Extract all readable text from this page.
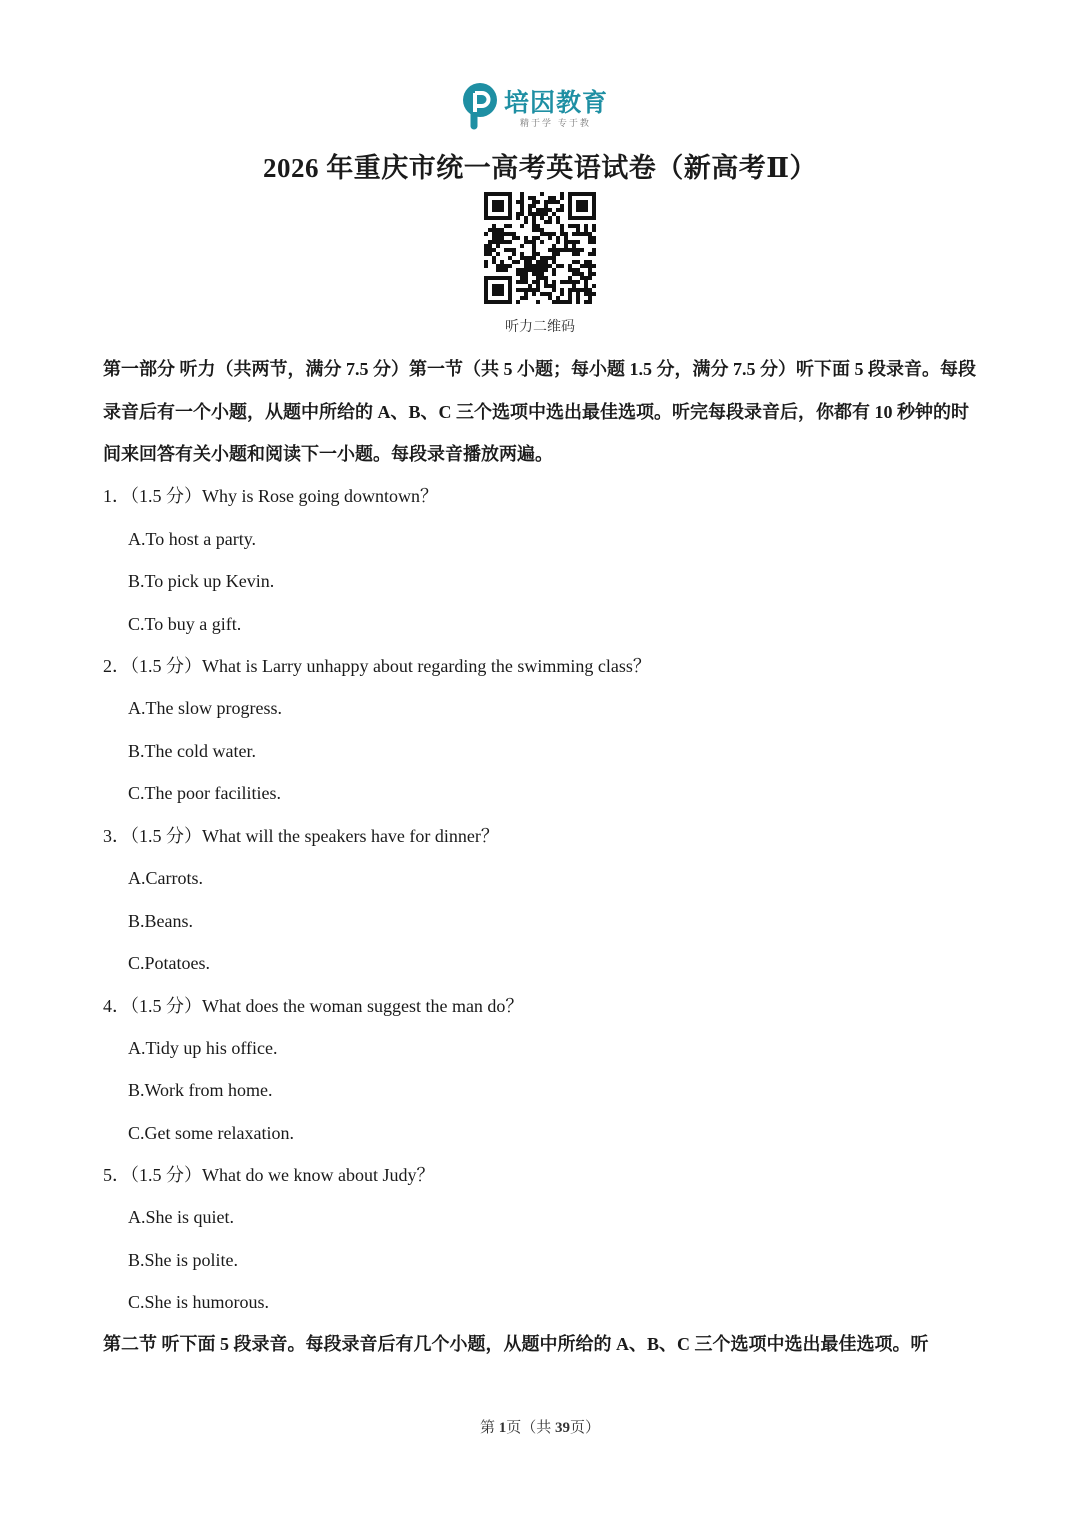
培因教育
精于学 专于教
2026 年重庆市统一高考英语试卷（新高考Ⅱ）
听力二维码

第一部分 听力（共两节，满分 7.5 分）第一节（共 5 小题；每小题 1.5 分，满分 7.5 分）听下面 5 段录音。每段录音后有一个小题，从题中所给的 A、B、C 三个选项中选出最佳选项。听完每段录音后，你都有 10 秒钟的时间来回答有关小题和阅读下一小题。每段录音播放两遍。

1．（1.5 分）Why is Rose going downtown？
A.To host a party.
B.To pick up Kevin.
C.To buy a gift.
2．（1.5 分）What is Larry unhappy about regarding the swimming class？
A.The slow progress.
B.The cold water.
C.The poor facilities.
3．（1.5 分）What will the speakers have for dinner？
A.Carrots.
B.Beans.
C.Potatoes.
4．（1.5 分）What does the woman suggest the man do？
A.Tidy up his office.
B.Work from home.
C.Get some relaxation.
5．（1.5 分）What do we know about Judy？
A.She is quiet.
B.She is polite.
C.She is humorous.

第二节 听下面 5 段录音。每段录音后有几个小题，从题中所给的 A、B、C 三个选项中选出最佳选项。听

第 1页（共 39页）
